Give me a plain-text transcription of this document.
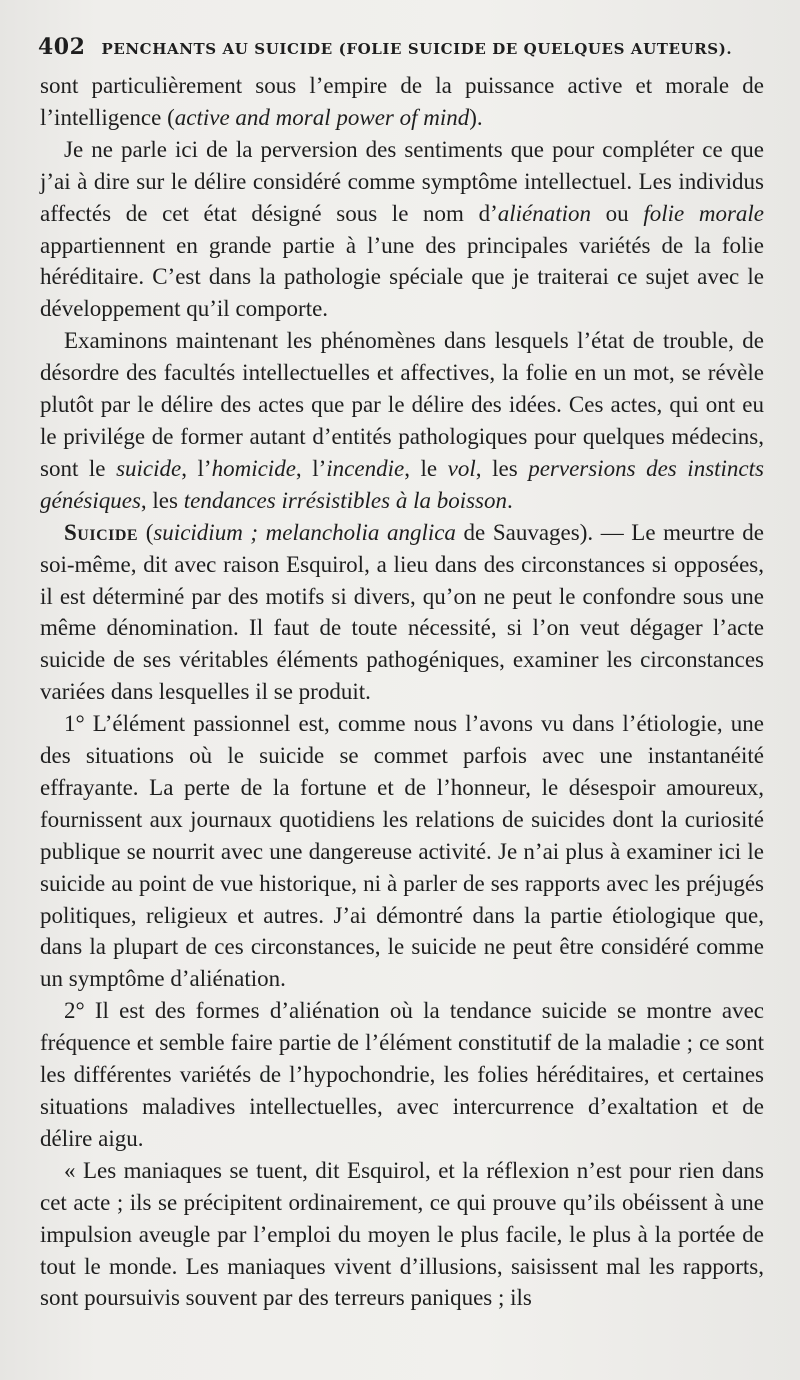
402 PENCHANTS AU SUICIDE (FOLIE SUICIDE DE QUELQUES AUTEURS).

sont particulièrement sous l’empire de la puissance active et morale de l’intelligence (active and moral power of mind).

Je ne parle ici de la perversion des sentiments que pour compléter ce que j’ai à dire sur le délire considéré comme symptôme intellectuel. Les individus affectés de cet état désigné sous le nom d’aliénation ou folie morale appartiennent en grande partie à l’une des principales variétés de la folie héréditaire. C’est dans la pathologie spéciale que je traiterai ce sujet avec le développement qu’il comporte.

Examinons maintenant les phénomènes dans lesquels l’état de trouble, de désordre des facultés intellectuelles et affectives, la folie en un mot, se révèle plutôt par le délire des actes que par le délire des idées. Ces actes, qui ont eu le privilége de former autant d’entités pathologiques pour quelques médecins, sont le suicide, l’homicide, l’incendie, le vol, les perversions des instincts génésiques, les tendances irrésistibles à la boisson.

Suicide (suicidium ; melancholia anglica de Sauvages). — Le meurtre de soi-même, dit avec raison Esquirol, a lieu dans des circonstances si opposées, il est déterminé par des motifs si divers, qu’on ne peut le confondre sous une même dénomination. Il faut de toute nécessité, si l’on veut dégager l’acte suicide de ses véritables éléments pathogéniques, examiner les circonstances variées dans lesquelles il se produit.

1° L’élément passionnel est, comme nous l’avons vu dans l’étiologie, une des situations où le suicide se commet parfois avec une instantanéité effrayante. La perte de la fortune et de l’honneur, le désespoir amoureux, fournissent aux journaux quotidiens les relations de suicides dont la curiosité publique se nourrit avec une dangereuse activité. Je n’ai plus à examiner ici le suicide au point de vue historique, ni à parler de ses rapports avec les préjugés politiques, religieux et autres. J’ai démontré dans la partie étiologique que, dans la plupart de ces circonstances, le suicide ne peut être considéré comme un symptôme d’aliénation.

2° Il est des formes d’aliénation où la tendance suicide se montre avec fréquence et semble faire partie de l’élément constitutif de la maladie ; ce sont les différentes variétés de l’hypochondrie, les folies héréditaires, et certaines situations maladives intellectuelles, avec intercurrence d’exaltation et de délire aigu.

« Les maniaques se tuent, dit Esquirol, et la réflexion n’est pour rien dans cet acte ; ils se précipitent ordinairement, ce qui prouve qu’ils obéissent à une impulsion aveugle par l’emploi du moyen le plus facile, le plus à la portée de tout le monde. Les maniaques vivent d’illusions, saisissent mal les rapports, sont poursuivis souvent par des terreurs paniques ; ils
